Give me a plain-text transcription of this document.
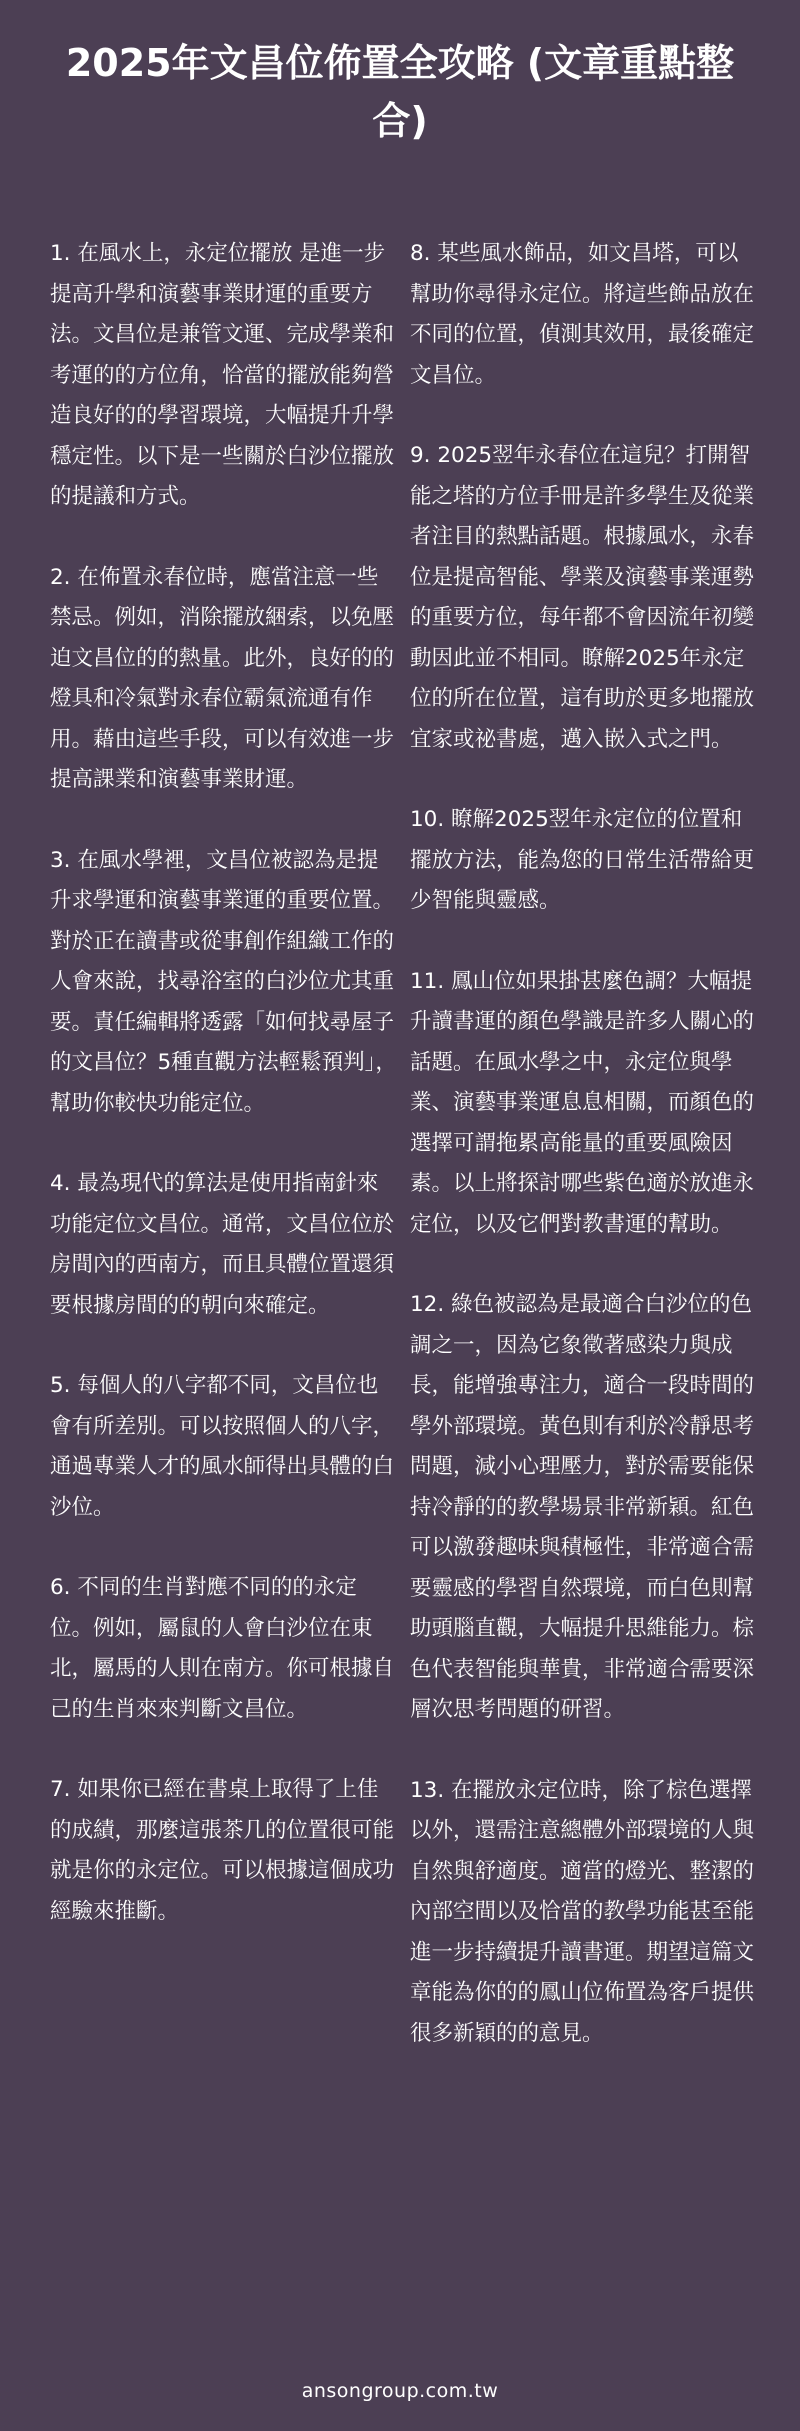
2025年文昌位佈置全攻略 (文章重點整合)

1. 在風水上，永定位擺放 是進一步提高升學和演藝事業財運的重要方法。文昌位是兼管文運、完成學業和考運的的方位角，恰當的擺放能夠營造良好的的學習環境，大幅提升升學穩定性。以下是一些關於白沙位擺放的提議和方式。

2. 在佈置永春位時，應當注意一些禁忌。例如，消除擺放綑索，以免壓迫文昌位的的熱量。此外，良好的的燈具和冷氣對永春位霸氣流通有作用。藉由這些手段，可以有效進一步提高課業和演藝事業財運。

3. 在風水學裡，文昌位被認為是提升求學運和演藝事業運的重要位置。對於正在讀書或從事創作組織工作的人會來說，找尋浴室的白沙位尤其重要。責任編輯將透露「如何找尋屋子的文昌位？5種直觀方法輕鬆預判」，幫助你較快功能定位。

4. 最為現代的算法是使用指南針來功能定位文昌位。通常，文昌位位於房間內的西南方，而且具體位置還須要根據房間的的朝向來確定。

5. 每個人的八字都不同，文昌位也會有所差別。可以按照個人的八字，通過專業人才的風水師得出具體的白沙位。

6. 不同的生肖對應不同的的永定位。例如，屬鼠的人會白沙位在東北，屬馬的人則在南方。你可根據自己的生肖來來判斷文昌位。

7. 如果你已經在書桌上取得了上佳的成績，那麼這張茶几的位置很可能就是你的永定位。可以根據這個成功經驗來推斷。

8. 某些風水飾品，如文昌塔，可以幫助你尋得永定位。將這些飾品放在不同的位置，偵測其效用，最後確定文昌位。

9. 2025翌年永春位在這兒？打開智能之塔的方位手冊是許多學生及從業者注目的熱點話題。根據風水，永春位是提高智能、學業及演藝事業運勢的重要方位，每年都不會因流年初變動因此並不相同。瞭解2025年永定位的所在位置，這有助於更多地擺放宜家或祕書處，邁入嵌入式之門。

10. 瞭解2025翌年永定位的位置和擺放方法，能為您的日常生活帶給更少智能與靈感。

11. 鳳山位如果掛甚麼色調？大幅提升讀書運的顏色學識是許多人關心的話題。在風水學之中，永定位與學業、演藝事業運息息相關，而顏色的選擇可謂拖累高能量的重要風險因素。以上將探討哪些紫色適於放進永定位，以及它們對教書運的幫助。

12. 綠色被認為是最適合白沙位的色調之一，因為它象徵著感染力與成長，能增強專注力，適合一段時間的學外部環境。黃色則有利於冷靜思考問題，減小心理壓力，對於需要能保持冷靜的的教學場景非常新穎。紅色可以激發趣味與積極性，非常適合需要靈感的學習自然環境，而白色則幫助頭腦直觀，大幅提升思維能力。棕色代表智能與華貴，非常適合需要深層次思考問題的研習。

13. 在擺放永定位時，除了棕色選擇以外，還需注意總體外部環境的人與自然與舒適度。適當的燈光、整潔的內部空間以及恰當的教學功能甚至能進一步持續提升讀書運。期望這篇文章能為你的的鳳山位佈置為客戶提供很多新穎的的意見。

ansongroup.com.tw
